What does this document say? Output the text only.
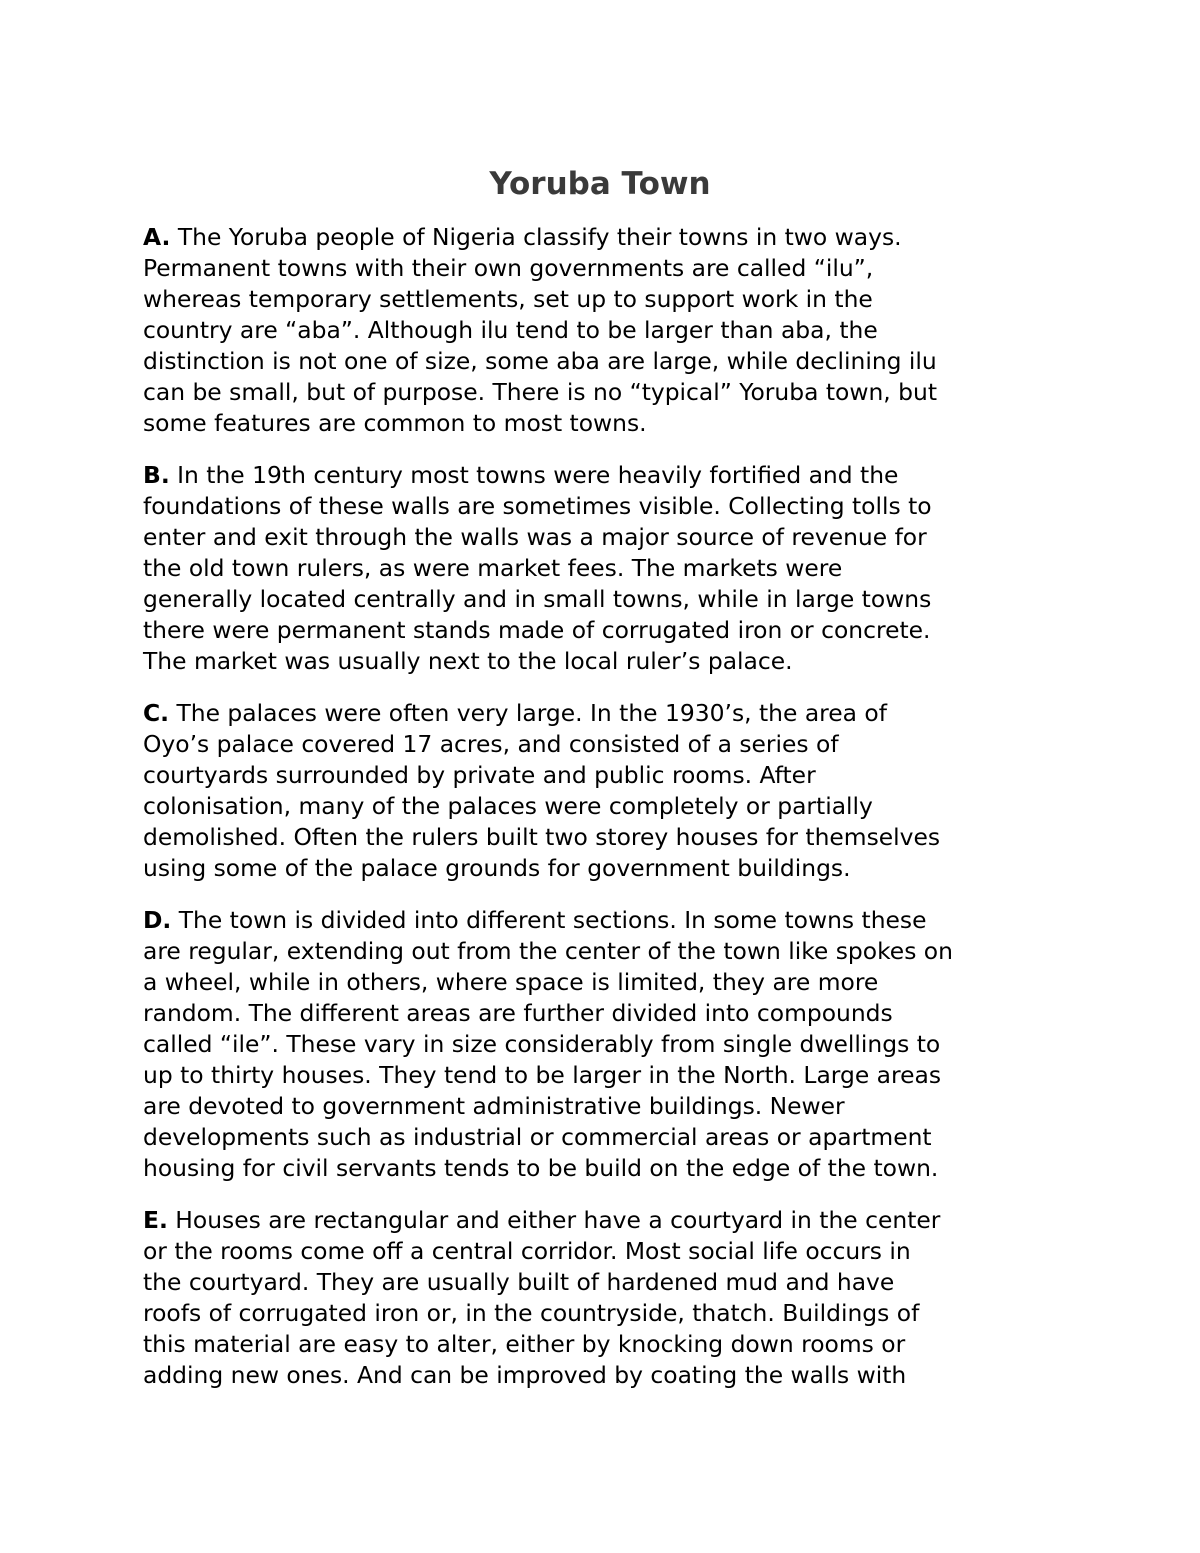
Yoruba Town

A. The Yoruba people of Nigeria classify their towns in two ways.
Permanent towns with their own governments are called “ilu”,
whereas temporary settlements, set up to support work in the
country are “aba”. Although ilu tend to be larger than aba, the
distinction is not one of size, some aba are large, while declining ilu
can be small, but of purpose. There is no “typical” Yoruba town, but
some features are common to most towns.

B. In the 19th century most towns were heavily fortified and the
foundations of these walls are sometimes visible. Collecting tolls to
enter and exit through the walls was a major source of revenue for
the old town rulers, as were market fees. The markets were
generally located centrally and in small towns, while in large towns
there were permanent stands made of corrugated iron or concrete.
The market was usually next to the local ruler’s palace.

C. The palaces were often very large. In the 1930’s, the area of
Oyo’s palace covered 17 acres, and consisted of a series of
courtyards surrounded by private and public rooms. After
colonisation, many of the palaces were completely or partially
demolished. Often the rulers built two storey houses for themselves
using some of the palace grounds for government buildings.

D. The town is divided into different sections. In some towns these
are regular, extending out from the center of the town like spokes on
a wheel, while in others, where space is limited, they are more
random. The different areas are further divided into compounds
called “ile”. These vary in size considerably from single dwellings to
up to thirty houses. They tend to be larger in the North. Large areas
are devoted to government administrative buildings. Newer
developments such as industrial or commercial areas or apartment
housing for civil servants tends to be build on the edge of the town.

E. Houses are rectangular and either have a courtyard in the center
or the rooms come off a central corridor. Most social life occurs in
the courtyard. They are usually built of hardened mud and have
roofs of corrugated iron or, in the countryside, thatch. Buildings of
this material are easy to alter, either by knocking down rooms or
adding new ones. And can be improved by coating the walls with
